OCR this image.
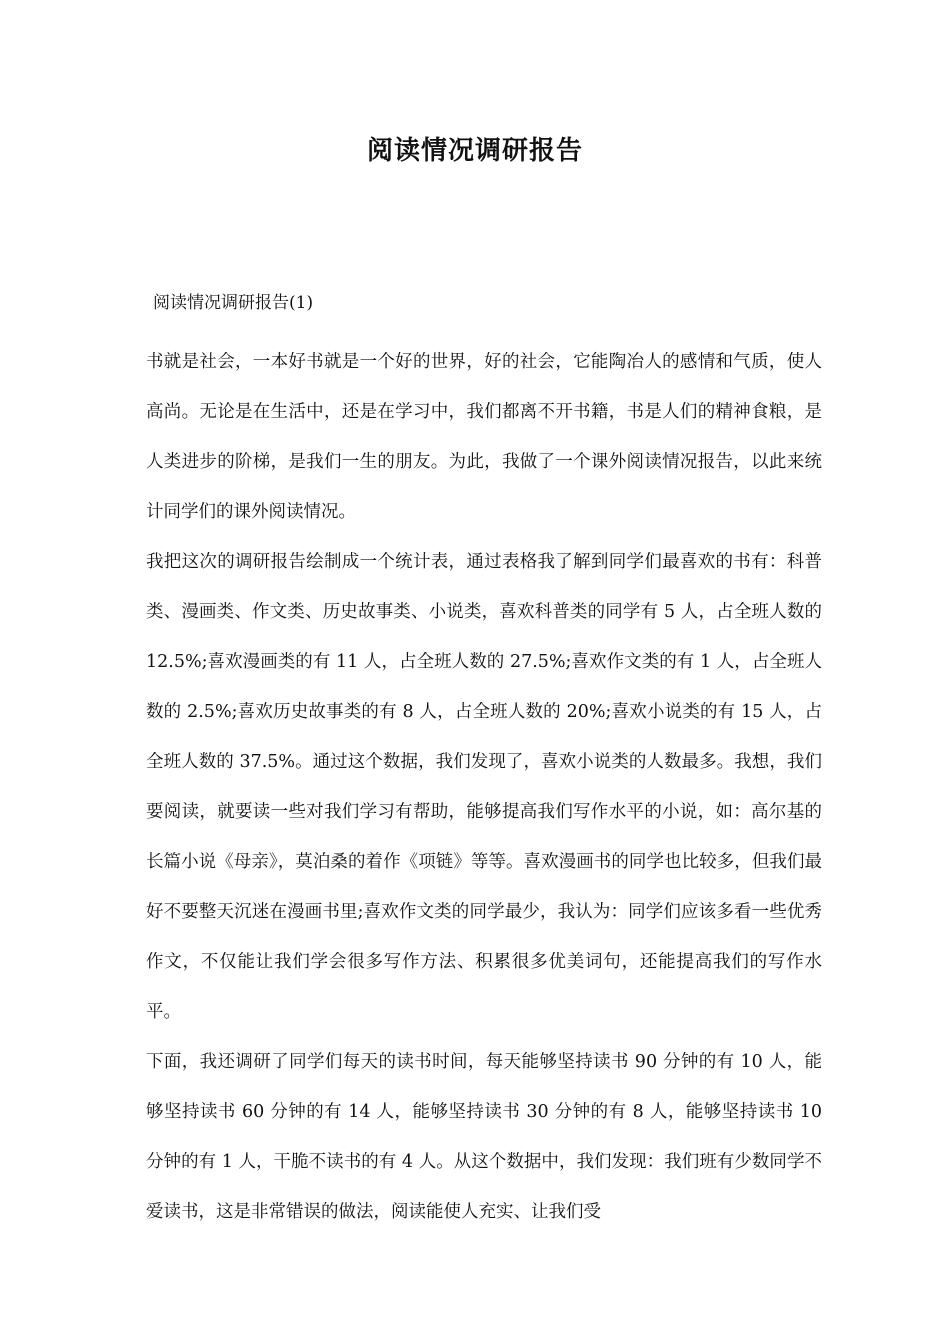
阅读情况调研报告
阅读情况调研报告(1)

书就是社会，一本好书就是一个好的世界，好的社会，它能陶冶人的感情和气质，使人高尚。无论是在生活中，还是在学习中，我们都离不开书籍，书是人们的精神食粮，是人类进步的阶梯，是我们一生的朋友。为此，我做了一个课外阅读情况报告，以此来统计同学们的课外阅读情况。

我把这次的调研报告绘制成一个统计表，通过表格我了解到同学们最喜欢的书有：科普类、漫画类、作文类、历史故事类、小说类，喜欢科普类的同学有 5 人，占全班人数的 12.5%;喜欢漫画类的有 11 人，占全班人数的 27.5%;喜欢作文类的有 1 人，占全班人数的 2.5%;喜欢历史故事类的有 8 人，占全班人数的 20%;喜欢小说类的有 15 人，占全班人数的 37.5%。通过这个数据，我们发现了，喜欢小说类的人数最多。我想，我们要阅读，就要读一些对我们学习有帮助，能够提高我们写作水平的小说，如：高尔基的长篇小说《母亲》，莫泊桑的着作《项链》等等。喜欢漫画书的同学也比较多，但我们最好不要整天沉迷在漫画书里;喜欢作文类的同学最少，我认为：同学们应该多看一些优秀作文，不仅能让我们学会很多写作方法、积累很多优美词句，还能提高我们的写作水平。

下面，我还调研了同学们每天的读书时间，每天能够坚持读书 90 分钟的有 10 人，能够坚持读书 60 分钟的有 14 人，能够坚持读书 30 分钟的有 8 人，能够坚持读书 10 分钟的有 1 人，干脆不读书的有 4 人。从这个数据中，我们发现：我们班有少数同学不爱读书，这是非常错误的做法，阅读能使人充实、让我们受
